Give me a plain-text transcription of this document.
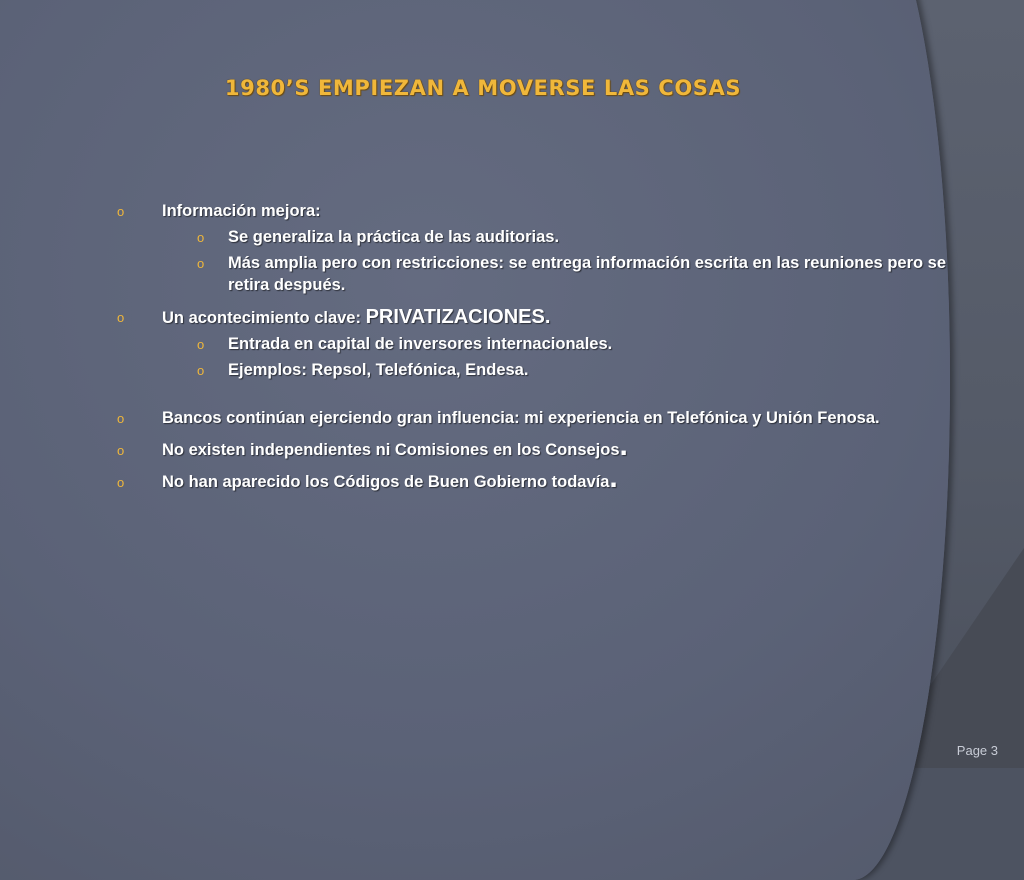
1980’S EMPIEZAN A MOVERSE LAS COSAS
o Información mejora:
o Se generaliza la práctica de las auditorias.
o Más amplia pero con restricciones: se entrega información escrita en las reuniones pero se retira después.
o Un acontecimiento clave: PRIVATIZACIONES.
o Entrada en capital de inversores internacionales.
o Ejemplos: Repsol, Telefónica, Endesa.
o Bancos continúan ejerciendo gran influencia: mi experiencia en Telefónica y Unión Fenosa.
o No existen independientes ni Comisiones en los Consejos.
o No han aparecido los Códigos de Buen Gobierno todavía.
Page 3
